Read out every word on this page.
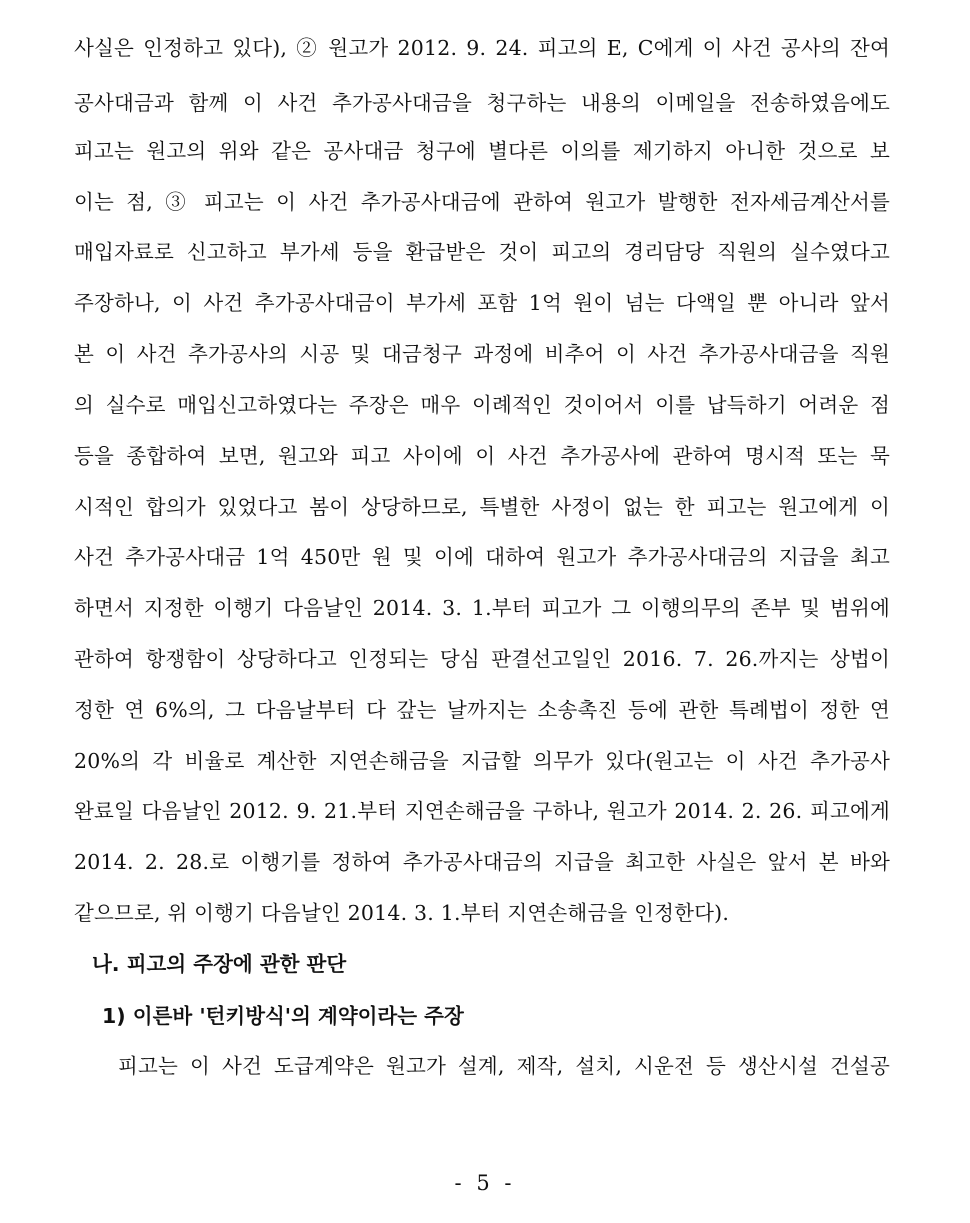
사실은 인정하고 있다), ② 원고가 2012. 9. 24. 피고의 E, C에게 이 사건 공사의 잔여
공사대금과 함께 이 사건 추가공사대금을 청구하는 내용의 이메일을 전송하였음에도
피고는 원고의 위와 같은 공사대금 청구에 별다른 이의를 제기하지 아니한 것으로 보
이는 점, ③ 피고는 이 사건 추가공사대금에 관하여 원고가 발행한 전자세금계산서를
매입자료로 신고하고 부가세 등을 환급받은 것이 피고의 경리담당 직원의 실수였다고
주장하나, 이 사건 추가공사대금이 부가세 포함 1억 원이 넘는 다액일 뿐 아니라 앞서
본 이 사건 추가공사의 시공 및 대금청구 과정에 비추어 이 사건 추가공사대금을 직원
의 실수로 매입신고하였다는 주장은 매우 이례적인 것이어서 이를 납득하기 어려운 점
등을 종합하여 보면, 원고와 피고 사이에 이 사건 추가공사에 관하여 명시적 또는 묵
시적인 합의가 있었다고 봄이 상당하므로, 특별한 사정이 없는 한 피고는 원고에게 이
사건 추가공사대금 1억 450만 원 및 이에 대하여 원고가 추가공사대금의 지급을 최고
하면서 지정한 이행기 다음날인 2014. 3. 1.부터 피고가 그 이행의무의 존부 및 범위에
관하여 항쟁함이 상당하다고 인정되는 당심 판결선고일인 2016. 7. 26.까지는 상법이
정한 연 6%의, 그 다음날부터 다 갚는 날까지는 소송촉진 등에 관한 특례법이 정한 연
20%의 각 비율로 계산한 지연손해금을 지급할 의무가 있다(원고는 이 사건 추가공사
완료일 다음날인 2012. 9. 21.부터 지연손해금을 구하나, 원고가 2014. 2. 26. 피고에게
2014. 2. 28.로 이행기를 정하여 추가공사대금의 지급을 최고한 사실은 앞서 본 바와
같으므로, 위 이행기 다음날인 2014. 3. 1.부터 지연손해금을 인정한다).
나. 피고의 주장에 관한 판단
1) 이른바 '턴키방식'의 계약이라는 주장
피고는 이 사건 도급계약은 원고가 설계, 제작, 설치, 시운전 등 생산시설 건설공
- 5 -
